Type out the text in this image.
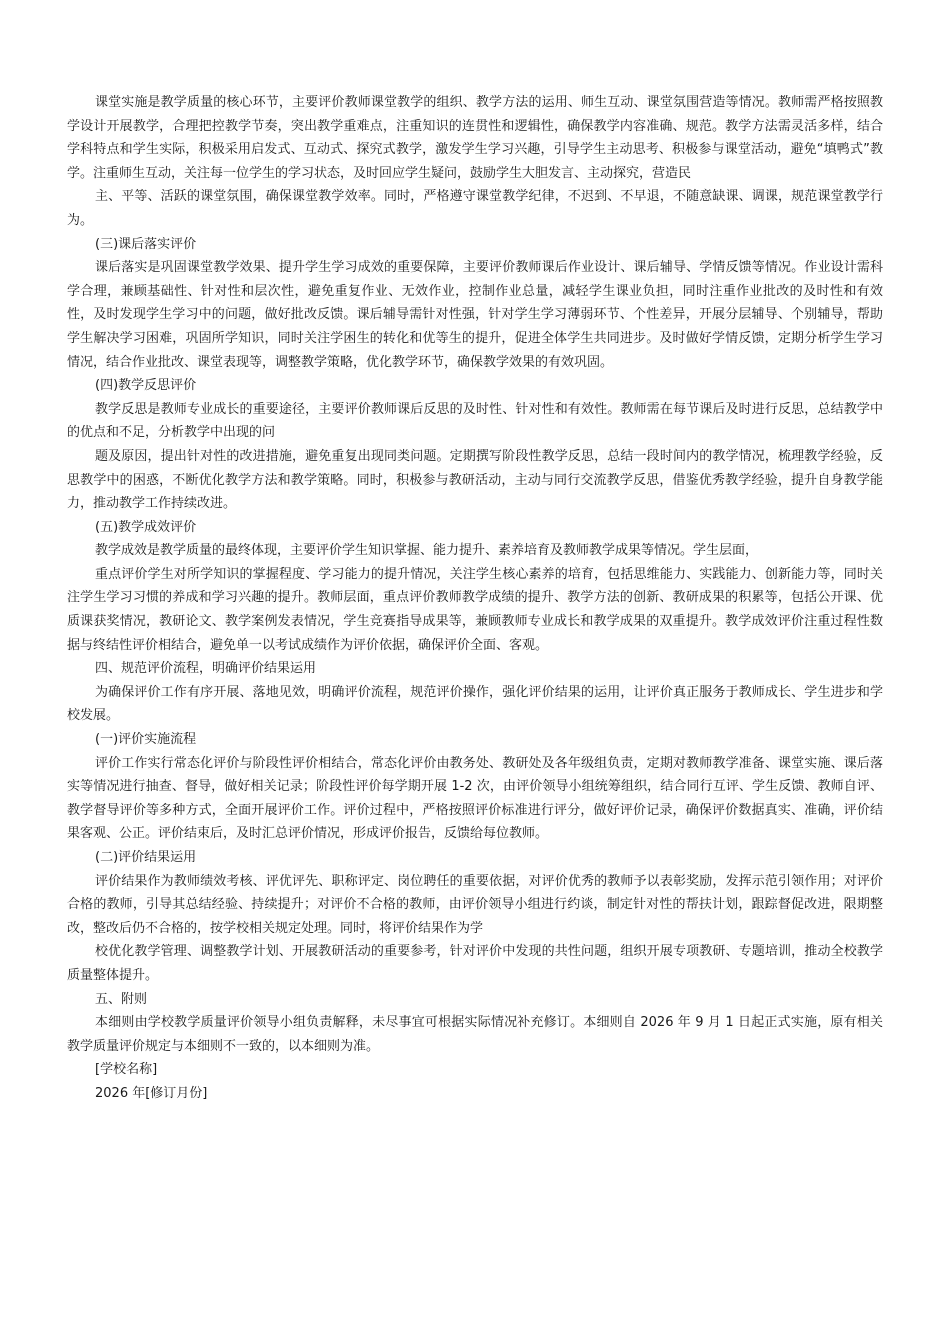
课堂实施是教学质量的核心环节，主要评价教师课堂教学的组织、教学方法的运用、师生互动、课堂氛围营造等情况。教师需严格按照教学设计开展教学，合理把控教学节奏，突出教学重难点，注重知识的连贯性和逻辑性，确保教学内容准确、规范。教学方法需灵活多样，结合学科特点和学生实际，积极采用启发式、互动式、探究式教学，激发学生学习兴趣，引导学生主动思考、积极参与课堂活动，避免“填鸭式”教学。注重师生互动，关注每一位学生的学习状态，及时回应学生疑问，鼓励学生大胆发言、主动探究，营造民

主、平等、活跃的课堂氛围，确保课堂教学效率。同时，严格遵守课堂教学纪律，不迟到、不早退，不随意缺课、调课，规范课堂教学行为。

(三)课后落实评价

课后落实是巩固课堂教学效果、提升学生学习成效的重要保障，主要评价教师课后作业设计、课后辅导、学情反馈等情况。作业设计需科学合理，兼顾基础性、针对性和层次性，避免重复作业、无效作业，控制作业总量，减轻学生课业负担，同时注重作业批改的及时性和有效性，及时发现学生学习中的问题，做好批改反馈。课后辅导需针对性强，针对学生学习薄弱环节、个性差异，开展分层辅导、个别辅导，帮助学生解决学习困难，巩固所学知识，同时关注学困生的转化和优等生的提升，促进全体学生共同进步。及时做好学情反馈，定期分析学生学习情况，结合作业批改、课堂表现等，调整教学策略，优化教学环节，确保教学效果的有效巩固。

(四)教学反思评价

教学反思是教师专业成长的重要途径，主要评价教师课后反思的及时性、针对性和有效性。教师需在每节课后及时进行反思，总结教学中的优点和不足，分析教学中出现的问

题及原因，提出针对性的改进措施，避免重复出现同类问题。定期撰写阶段性教学反思，总结一段时间内的教学情况，梳理教学经验，反思教学中的困惑，不断优化教学方法和教学策略。同时，积极参与教研活动，主动与同行交流教学反思，借鉴优秀教学经验，提升自身教学能力，推动教学工作持续改进。

(五)教学成效评价

教学成效是教学质量的最终体现，主要评价学生知识掌握、能力提升、素养培育及教师教学成果等情况。学生层面，

重点评价学生对所学知识的掌握程度、学习能力的提升情况，关注学生核心素养的培育，包括思维能力、实践能力、创新能力等，同时关注学生学习习惯的养成和学习兴趣的提升。教师层面，重点评价教师教学成绩的提升、教学方法的创新、教研成果的积累等，包括公开课、优质课获奖情况，教研论文、教学案例发表情况，学生竞赛指导成果等，兼顾教师专业成长和教学成果的双重提升。教学成效评价注重过程性数据与终结性评价相结合，避免单一以考试成绩作为评价依据，确保评价全面、客观。

四、规范评价流程，明确评价结果运用

为确保评价工作有序开展、落地见效，明确评价流程，规范评价操作，强化评价结果的运用，让评价真正服务于教师成长、学生进步和学校发展。

(一)评价实施流程

评价工作实行常态化评价与阶段性评价相结合，常态化评价由教务处、教研处及各年级组负责，定期对教师教学准备、课堂实施、课后落实等情况进行抽查、督导，做好相关记录；阶段性评价每学期开展 1-2 次，由评价领导小组统筹组织，结合同行互评、学生反馈、教师自评、教学督导评价等多种方式，全面开展评价工作。评价过程中，严格按照评价标准进行评分，做好评价记录，确保评价数据真实、准确，评价结果客观、公正。评价结束后，及时汇总评价情况，形成评价报告，反馈给每位教师。

(二)评价结果运用

评价结果作为教师绩效考核、评优评先、职称评定、岗位聘任的重要依据，对评价优秀的教师予以表彰奖励，发挥示范引领作用；对评价合格的教师，引导其总结经验、持续提升；对评价不合格的教师，由评价领导小组进行约谈，制定针对性的帮扶计划，跟踪督促改进，限期整改，整改后仍不合格的，按学校相关规定处理。同时，将评价结果作为学

校优化教学管理、调整教学计划、开展教研活动的重要参考，针对评价中发现的共性问题，组织开展专项教研、专题培训，推动全校教学质量整体提升。

五、附则

本细则由学校教学质量评价领导小组负责解释，未尽事宜可根据实际情况补充修订。本细则自 2026 年 9 月 1 日起正式实施，原有相关教学质量评价规定与本细则不一致的，以本细则为准。

[学校名称]

2026 年[修订月份]
